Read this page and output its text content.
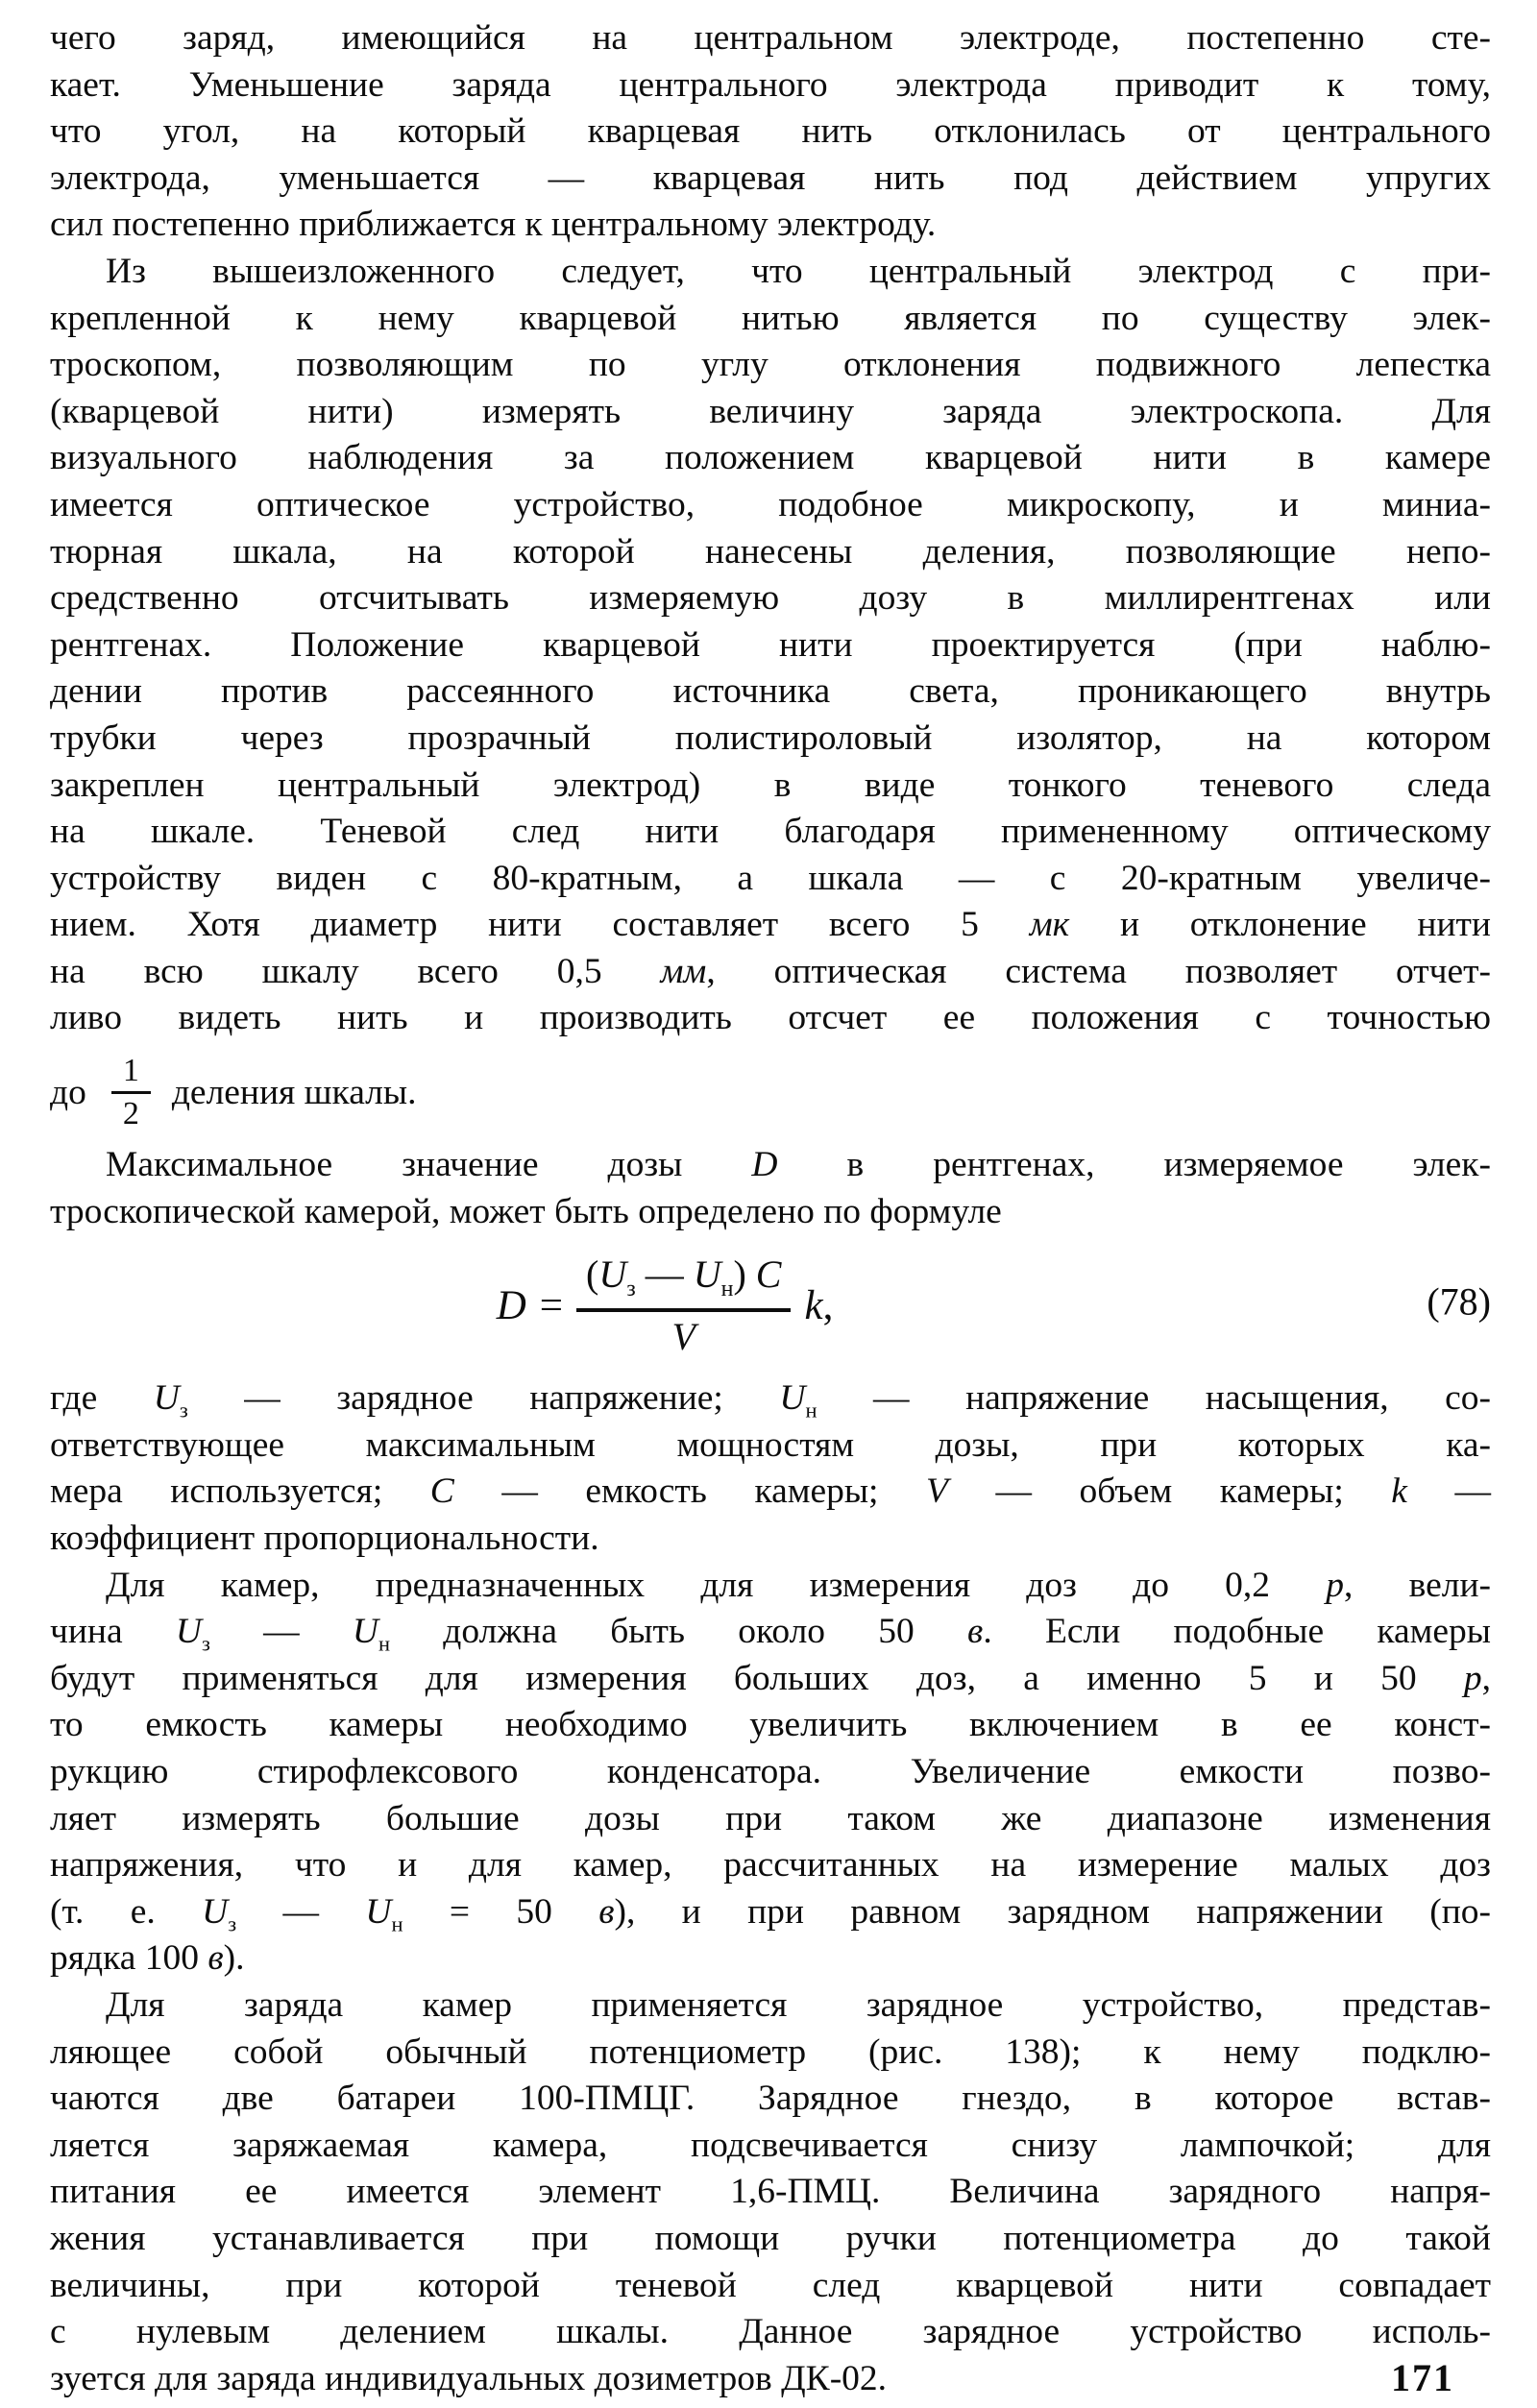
чего заряд, имеющийся на центральном электроде, постепенно сте-
кает. Уменьшение заряда центрального электрода приводит к тому,
что угол, на который кварцевая нить отклонилась от центрального
электрода, уменьшается — кварцевая нить под действием упругих
сил постепенно приближается к центральному электроду.
Из вышеизложенного следует, что центральный электрод с при-
крепленной к нему кварцевой нитью является по существу элек-
троскопом, позволяющим по углу отклонения подвижного лепестка
(кварцевой нити) измерять величину заряда электроскопа. Для
визуального наблюдения за положением кварцевой нити в камере
имеется оптическое устройство, подобное микроскопу, и миниа-
тюрная шкала, на которой нанесены деления, позволяющие непо-
средственно отсчитывать измеряемую дозу в миллирентгенах или
рентгенах. Положение кварцевой нити проектируется (при наблю-
дении против рассеянного источника света, проникающего внутрь
трубки через прозрачный полистироловый изолятор, на котором
закреплен центральный электрод) в виде тонкого теневого следа
на шкале. Теневой след нити благодаря примененному оптическому
устройству виден с 80-кратным, а шкала — с 20-кратным увеличе-
нием. Хотя диаметр нити составляет всего 5 мк и отклонение нити
на всю шкалу всего 0,5 мм, оптическая система позволяет отчет-
ливо видеть нить и производить отсчет ее положения с точностью
до $\frac{1}{2}$ деления шкалы.
Максимальное значение дозы D в рентгенах, измеряемое элек-
троскопической камерой, может быть определено по формуле
D =
($U_з$ — $U_н$) C
V
k,	(78)
где $U_з$ — зарядное напряжение; $U_н$ — напряжение насыщения, со-
ответствующее максимальным мощностям дозы, при которых ка-
мера используется; C — емкость камеры; V — объем камеры; k —
коэффициент пропорциональности.
Для камер, предназначенных для измерения доз до 0,2 р, вели-
чина $U_з$ — $U_н$ должна быть около 50 в. Если подобные камеры
будут применяться для измерения больших доз, а именно 5 и 50 р,
то емкость камеры необходимо увеличить включением в ее конст-
рукцию стирофлексового конденсатора. Увеличение емкости позво-
ляет измерять большие дозы при таком же диапазоне изменения
напряжения, что и для камер, рассчитанных на измерение малых доз
(т. е. $U_з$ — $U_н = 50$ в), и при равном зарядном напряжении (по-
рядка 100 в).
Для заряда камер применяется зарядное устройство, представ-
ляющее собой обычный потенциометр (рис. 138); к нему подклю-
чаются две батареи 100-ПМЦГ. Зарядное гнездо, в которое встав-
ляется заряжаемая камера, подсвечивается снизу лампочкой; для
питания ее имеется элемент 1,6-ПМЦ. Величина зарядного напря-
жения устанавливается при помощи ручки потенциометра до такой
величины, при которой теневой след кварцевой нити совпадает
с нулевым делением шкалы. Данное зарядное устройство исполь-
зуется для заряда индивидуальных дозиметров ДК-02.	171
